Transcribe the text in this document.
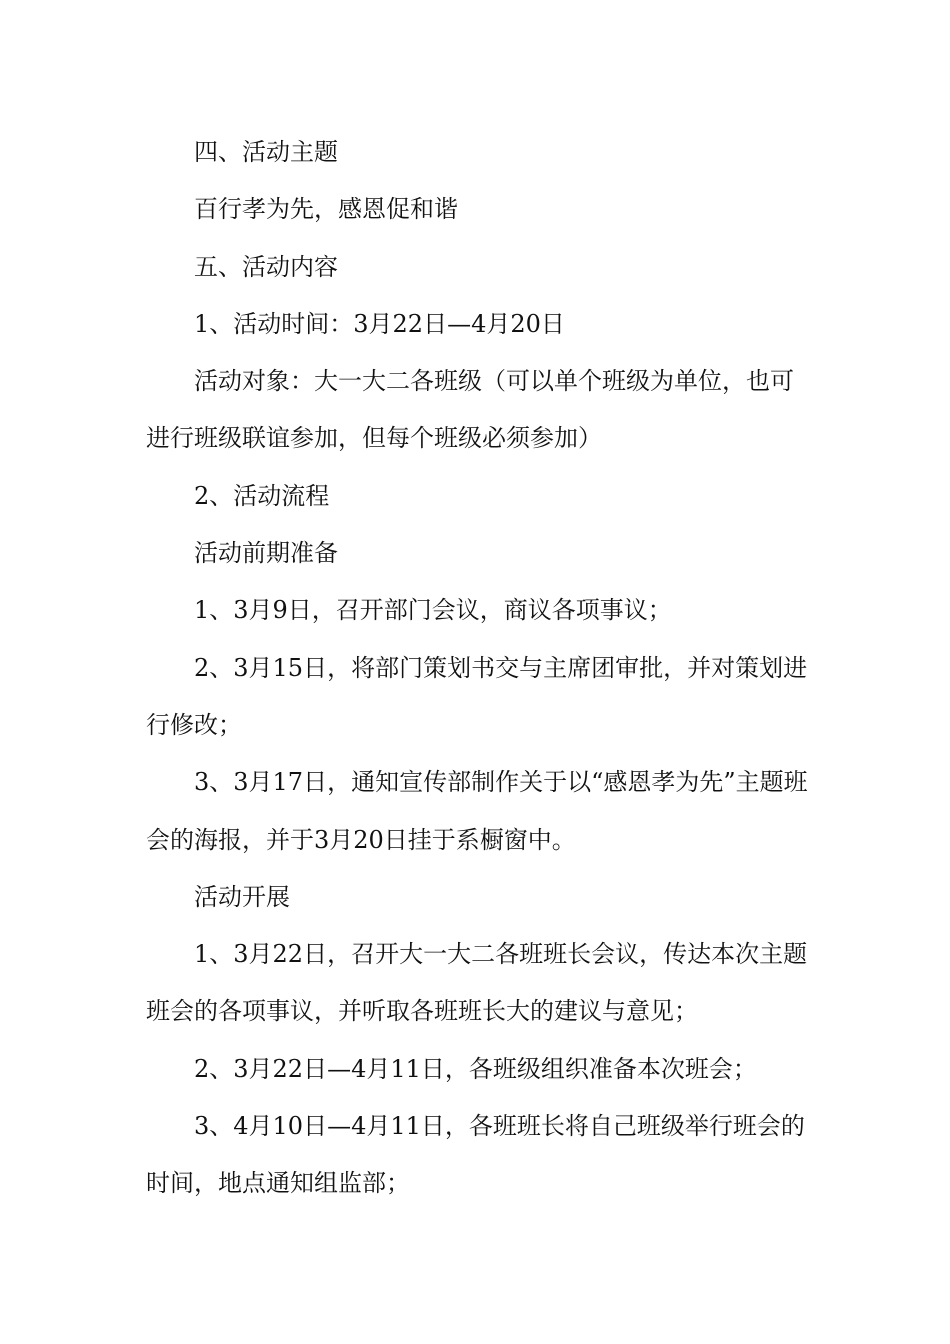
四、活动主题

百行孝为先，感恩促和谐

五、活动内容

1、活动时间：3月22日—4月20日

活动对象：大一大二各班级（可以单个班级为单位，也可进行班级联谊参加，但每个班级必须参加）

2、活动流程

活动前期准备

1、3月9日，召开部门会议，商议各项事议；

2、3月15日，将部门策划书交与主席团审批，并对策划进行修改；

3、3月17日，通知宣传部制作关于以“感恩孝为先”主题班会的海报，并于3月20日挂于系橱窗中。

活动开展

1、3月22日，召开大一大二各班班长会议，传达本次主题班会的各项事议，并听取各班班长大的建议与意见；

2、3月22日—4月11日，各班级组织准备本次班会；

3、4月10日—4月11日，各班班长将自己班级举行班会的时间，地点通知组监部；
